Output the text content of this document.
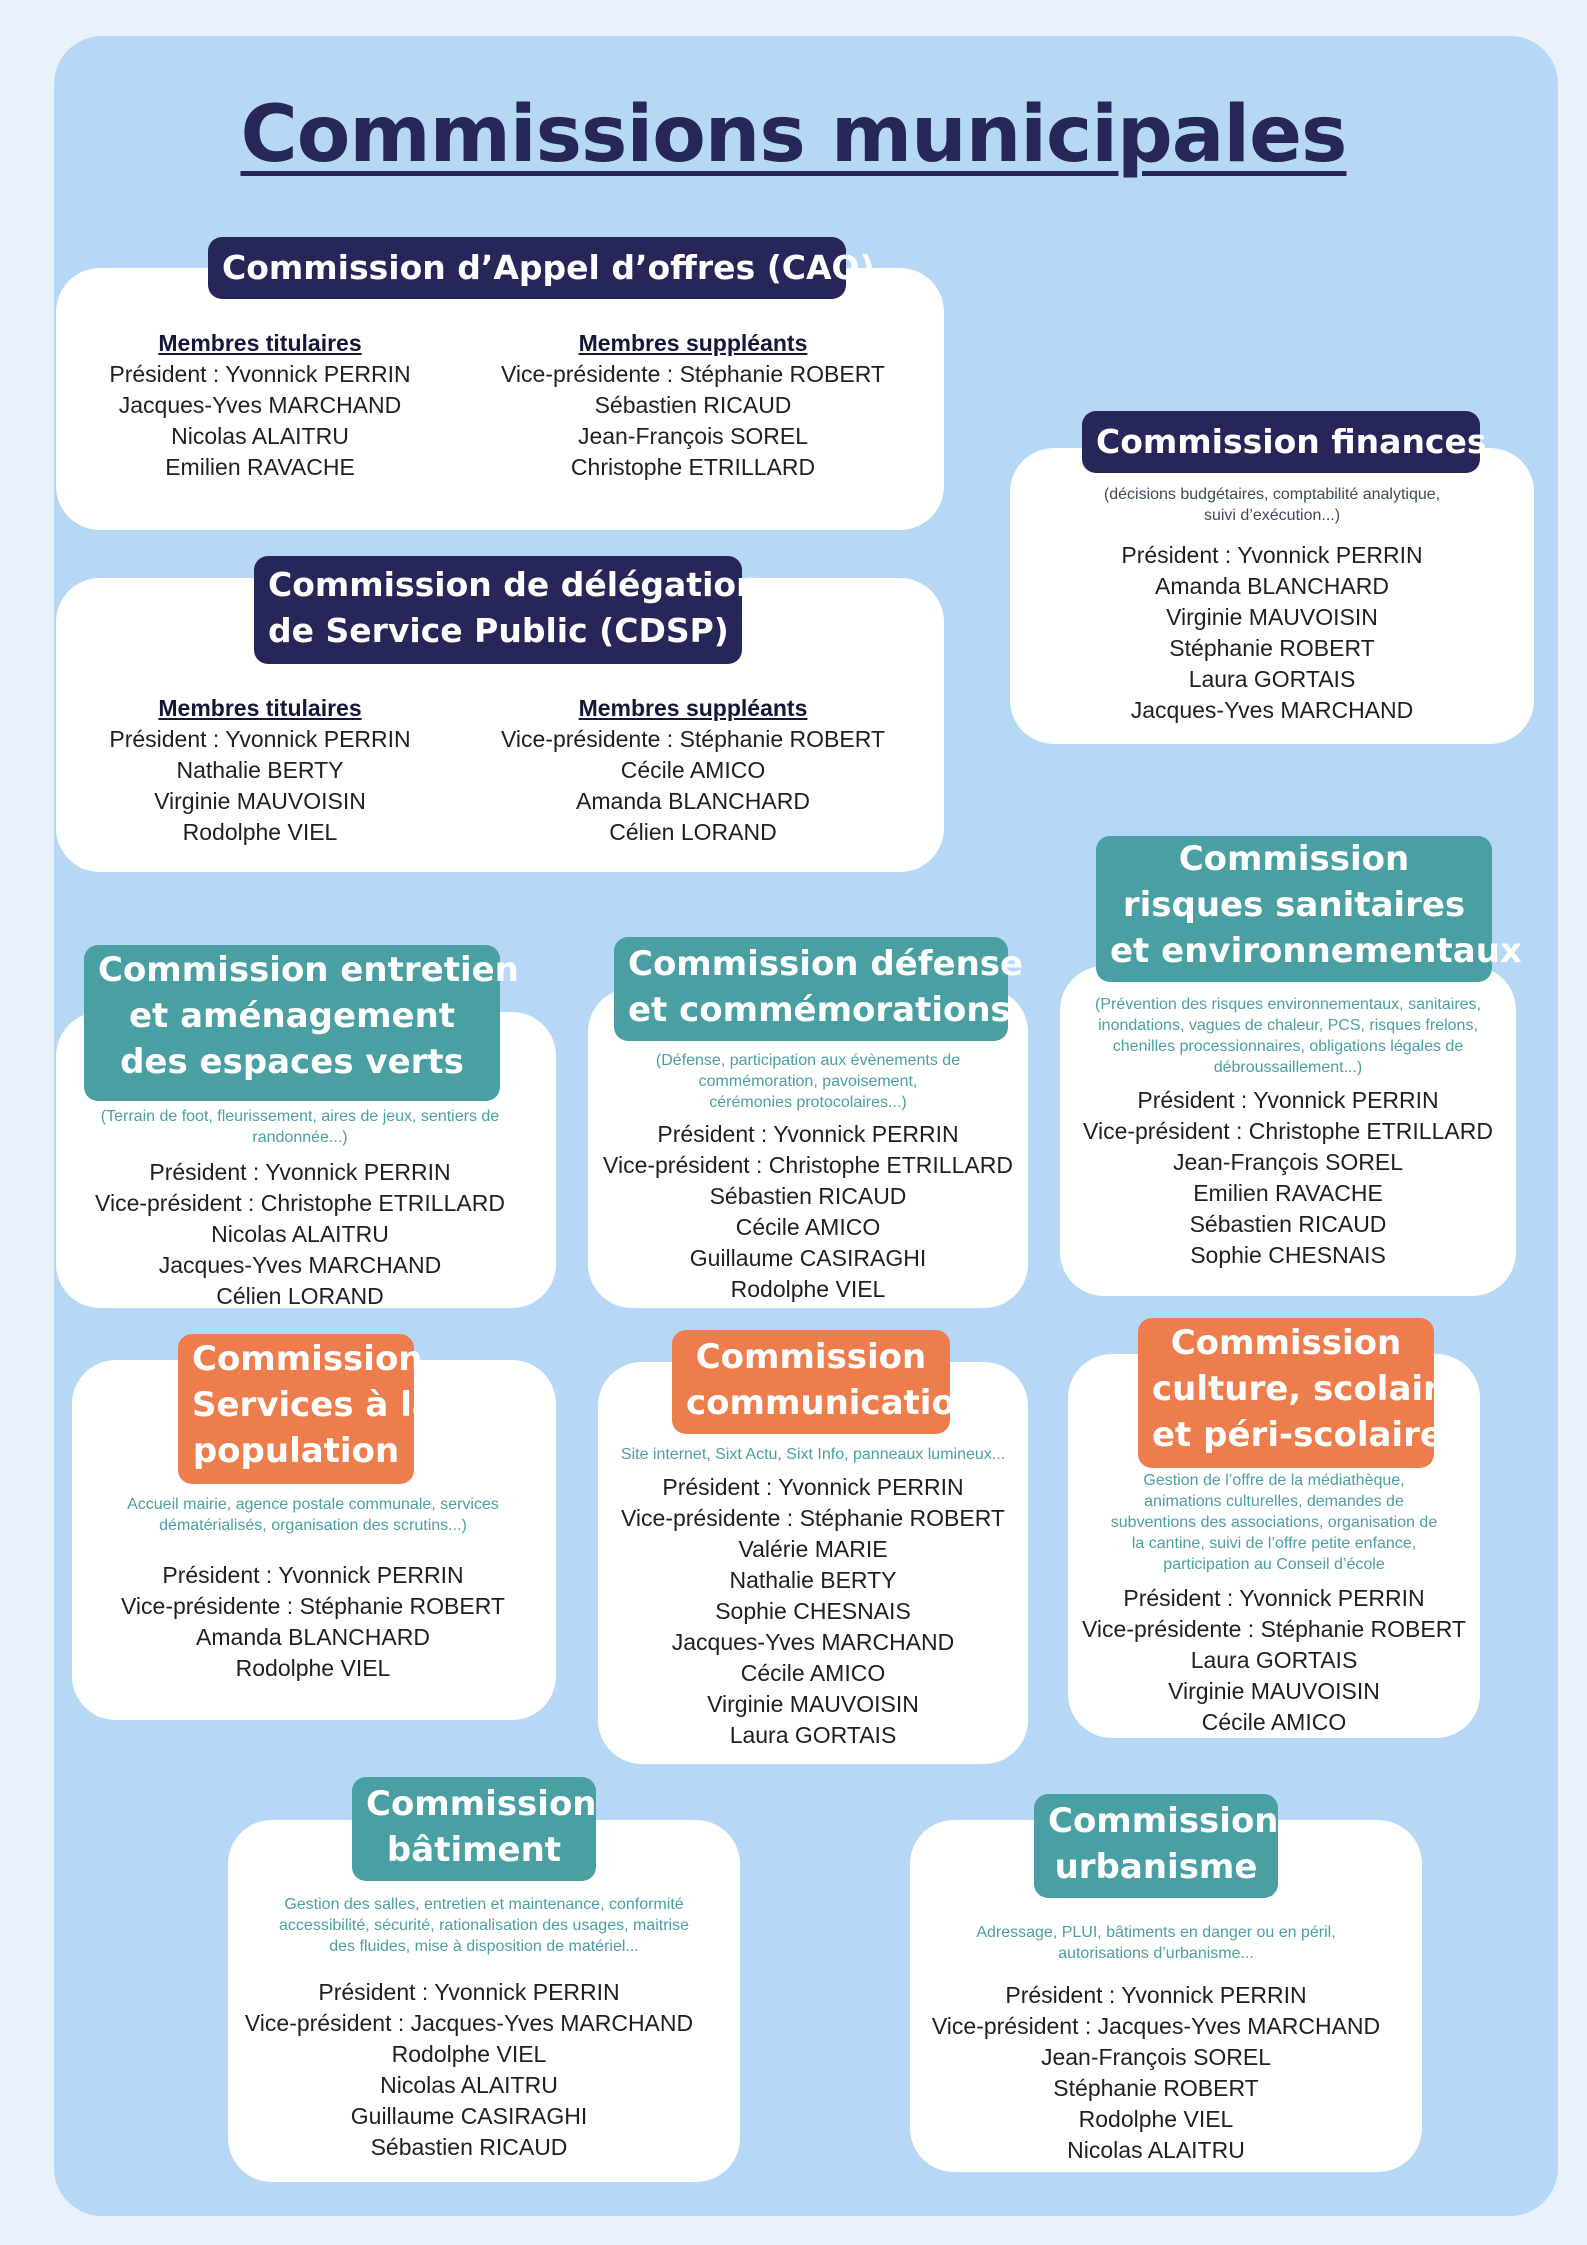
Commissions municipales
Commission d’Appel d’offres (CAO)
Membres titulaires
Président : Yvonnick PERRIN
Jacques-Yves MARCHAND
Nicolas ALAITRU
Emilien RAVACHE
Membres suppléants
Vice-présidente : Stéphanie ROBERT
Sébastien RICAUD
Jean-François SOREL
Christophe ETRILLARD
Commission de délégation
de Service Public (CDSP)
Membres titulaires
Président : Yvonnick PERRIN
Nathalie BERTY
Virginie MAUVOISIN
Rodolphe VIEL
Membres suppléants
Vice-présidente : Stéphanie ROBERT
Cécile AMICO
Amanda BLANCHARD
Célien LORAND
Commission finances
(décisions budgétaires, comptabilité analytique,
suivi d’exécution...)
Président : Yvonnick PERRIN
Amanda BLANCHARD
Virginie MAUVOISIN
Stéphanie ROBERT
Laura GORTAIS
Jacques-Yves MARCHAND
Commission entretien
et aménagement
des espaces verts
(Terrain de foot, fleurissement, aires de jeux, sentiers de
randonnée...)
Président : Yvonnick PERRIN
Vice-président : Christophe ETRILLARD
Nicolas ALAITRU
Jacques-Yves MARCHAND
Célien LORAND
Commission défense
et commémorations
(Défense, participation aux évènements de
commémoration, pavoisement,
cérémonies protocolaires...)
Président : Yvonnick PERRIN
Vice-président : Christophe ETRILLARD
Sébastien RICAUD
Cécile AMICO
Guillaume CASIRAGHI
Rodolphe VIEL
Commission
risques sanitaires
et environnementaux
(Prévention des risques environnementaux, sanitaires,
inondations, vagues de chaleur, PCS, risques frelons,
chenilles processionnaires, obligations légales de
débroussaillement...)
Président : Yvonnick PERRIN
Vice-président : Christophe ETRILLARD
Jean-François SOREL
Emilien RAVACHE
Sébastien RICAUD
Sophie CHESNAIS
Commission
Services à la
population
Accueil mairie, agence postale communale, services
dématérialisés, organisation des scrutins...)
Président : Yvonnick PERRIN
Vice-présidente : Stéphanie ROBERT
Amanda BLANCHARD
Rodolphe VIEL
Commission
communication
Site internet, Sixt Actu, Sixt Info, panneaux lumineux...
Président : Yvonnick PERRIN
Vice-présidente : Stéphanie ROBERT
Valérie MARIE
Nathalie BERTY
Sophie CHESNAIS
Jacques-Yves MARCHAND
Cécile AMICO
Virginie MAUVOISIN
Laura GORTAIS
Commission
culture, scolaire
et péri-scolaire
Gestion de l’offre de la médiathèque,
animations culturelles, demandes de
subventions des associations, organisation de
la cantine, suivi de l’offre petite enfance,
participation au Conseil d’école
Président : Yvonnick PERRIN
Vice-présidente : Stéphanie ROBERT
Laura GORTAIS
Virginie MAUVOISIN
Cécile AMICO
Commission
bâtiment
Gestion des salles, entretien et maintenance, conformité
accessibilité, sécurité, rationalisation des usages, maitrise
des fluides, mise à disposition de matériel...
Président : Yvonnick PERRIN
Vice-président : Jacques-Yves MARCHAND
Rodolphe VIEL
Nicolas ALAITRU
Guillaume CASIRAGHI
Sébastien RICAUD
Commission
urbanisme
Adressage, PLUI, bâtiments en danger ou en péril,
autorisations d’urbanisme...
Président : Yvonnick PERRIN
Vice-président : Jacques-Yves MARCHAND
Jean-François SOREL
Stéphanie ROBERT
Rodolphe VIEL
Nicolas ALAITRU
